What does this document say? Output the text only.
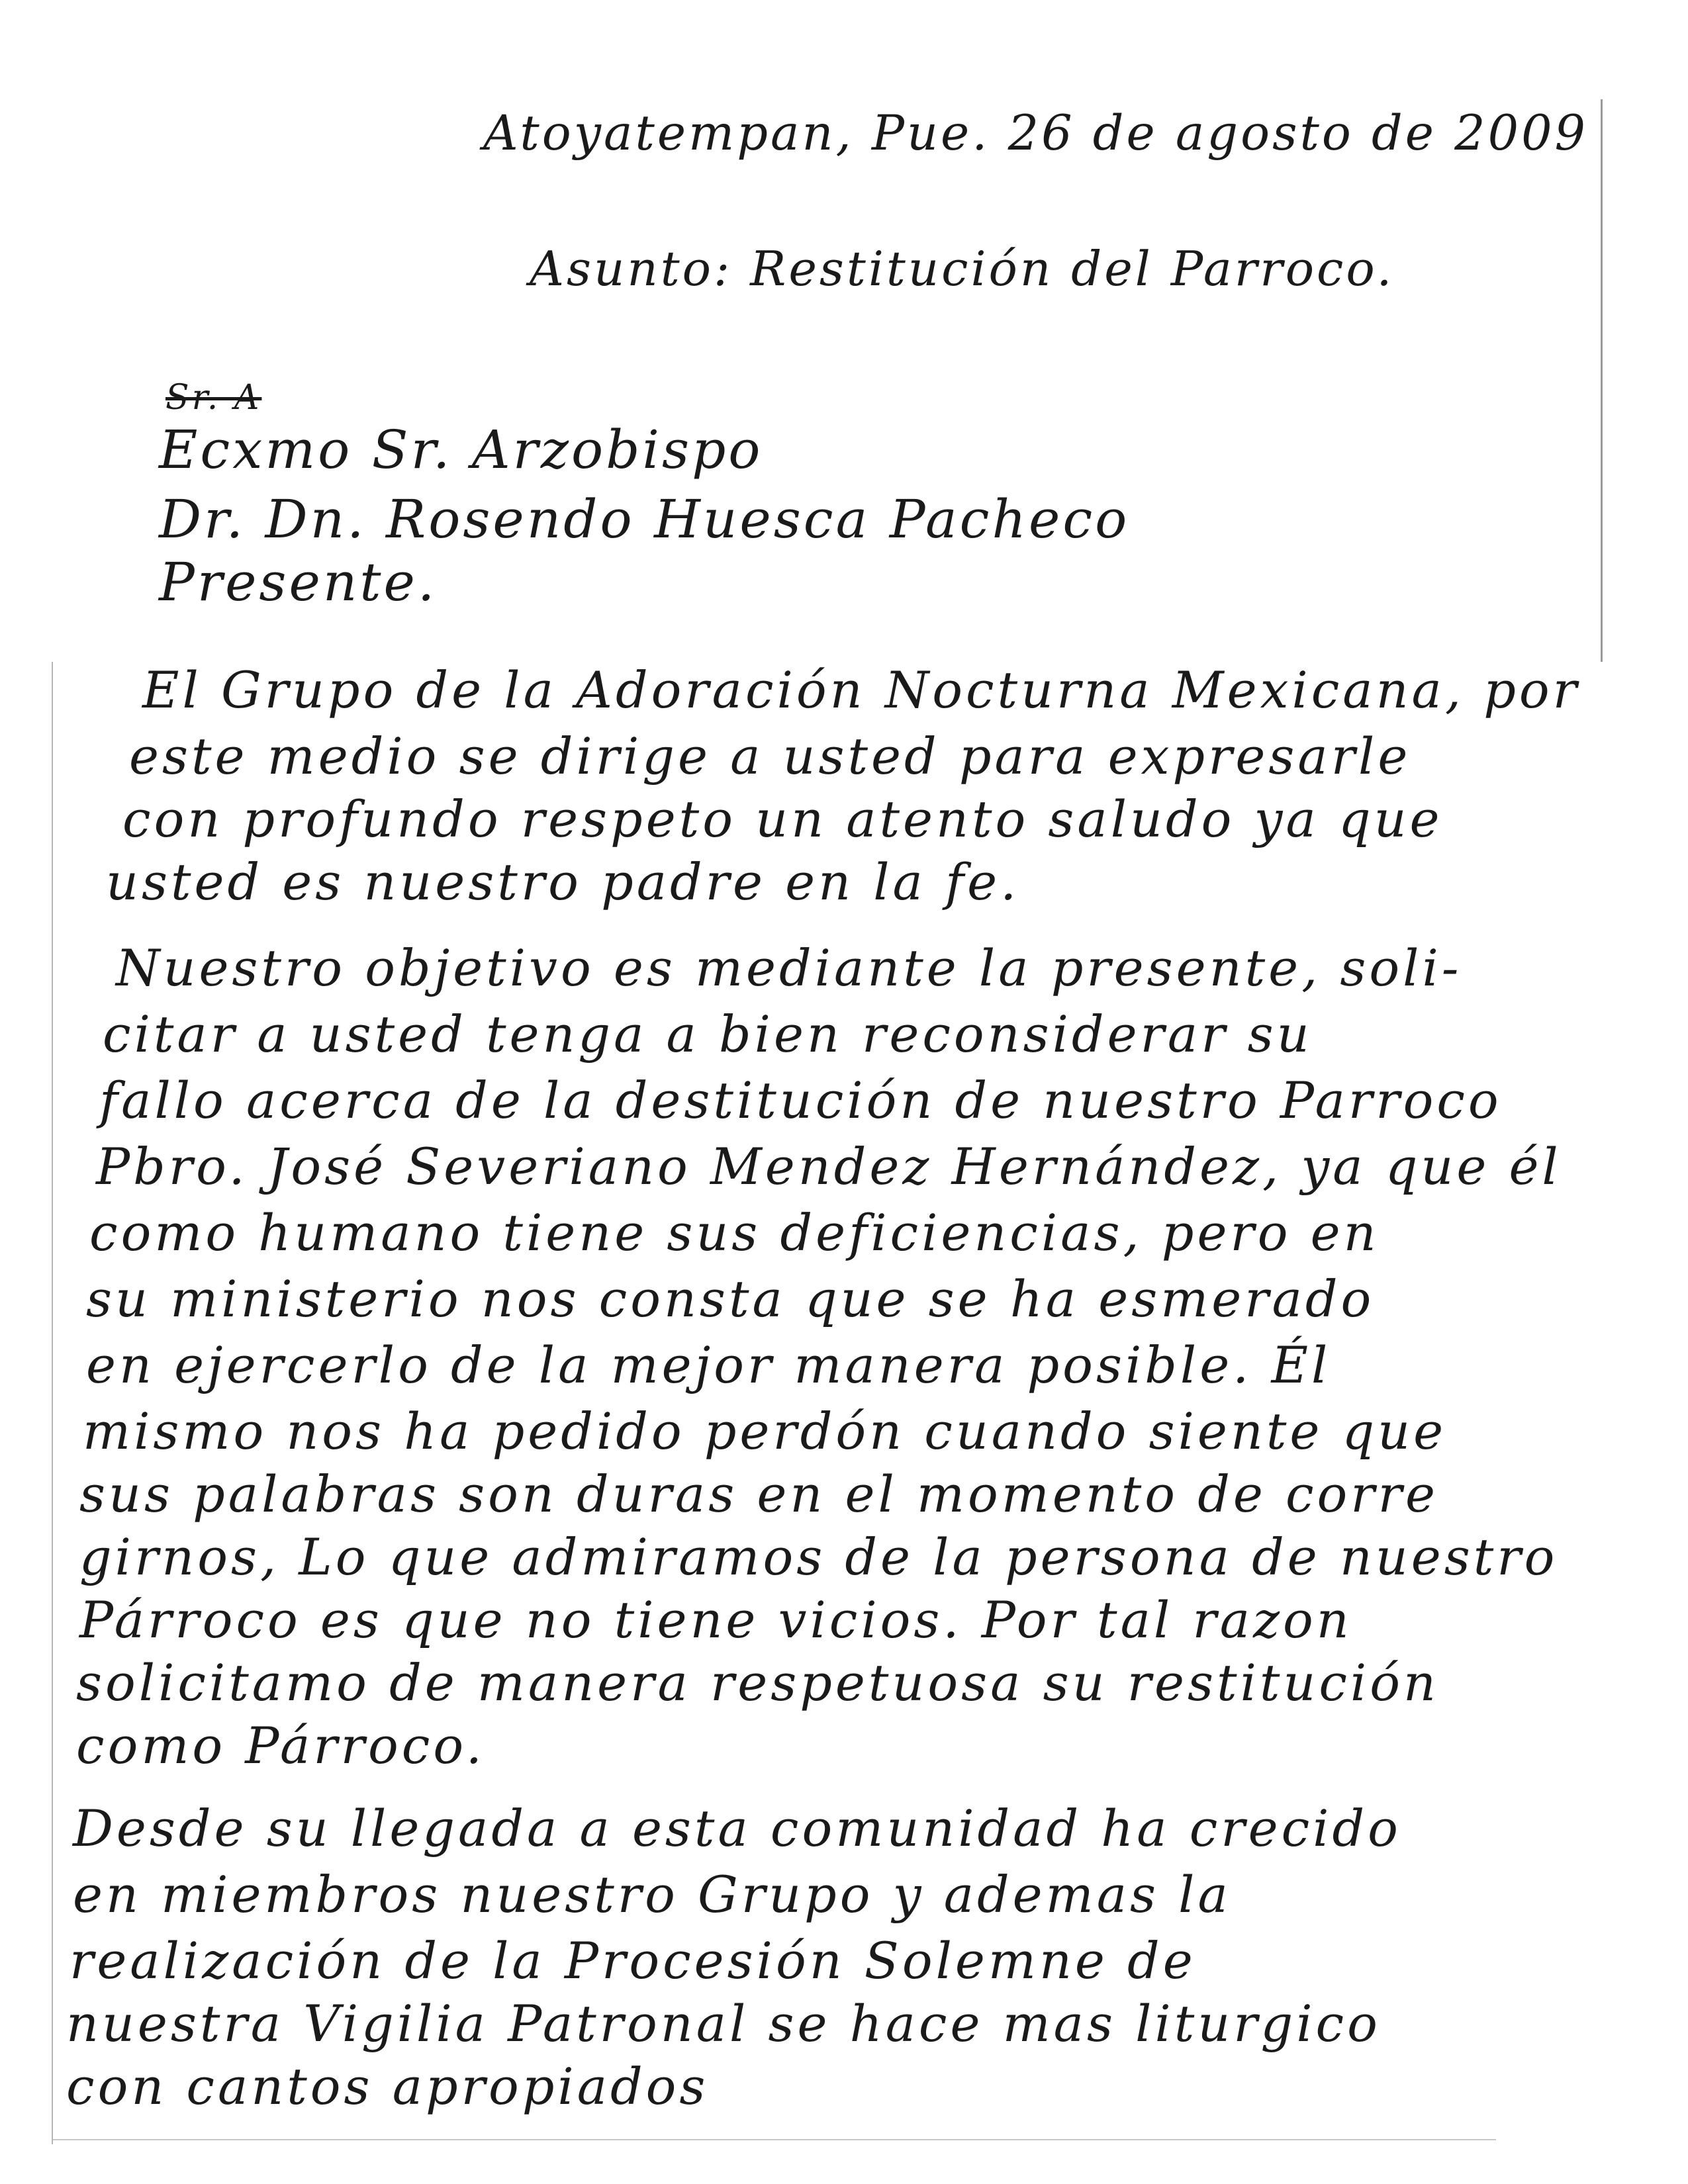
Atoyatempan, Pue. 26 de agosto de 2009
Asunto: Restitución del Parroco.
Sr. A
Ecxmo Sr. Arzobispo
Dr. Dn. Rosendo Huesca Pacheco
Presente.
El Grupo de la Adoración Nocturna Mexicana, por
este medio se dirige a usted para expresarle
con profundo respeto un atento saludo ya que
usted es nuestro padre en la fe.
Nuestro objetivo es mediante la presente, soli-
citar a usted tenga a bien reconsiderar su
fallo acerca de la destitución de nuestro Parroco
Pbro. José Severiano Mendez Hernández, ya que él
como humano tiene sus deficiencias, pero en
su ministerio nos consta que se ha esmerado
en ejercerlo de la mejor manera posible. Él
mismo nos ha pedido perdón cuando siente que
sus palabras son duras en el momento de corre
girnos, Lo que admiramos de la persona de nuestro
Párroco es que no tiene vicios. Por tal razon
solicitamo de manera respetuosa su restitución
como Párroco.
Desde su llegada a esta comunidad ha crecido
en miembros nuestro Grupo y ademas la
realización de la Procesión Solemne de
nuestra Vigilia Patronal se hace mas liturgico
con cantos apropiados
